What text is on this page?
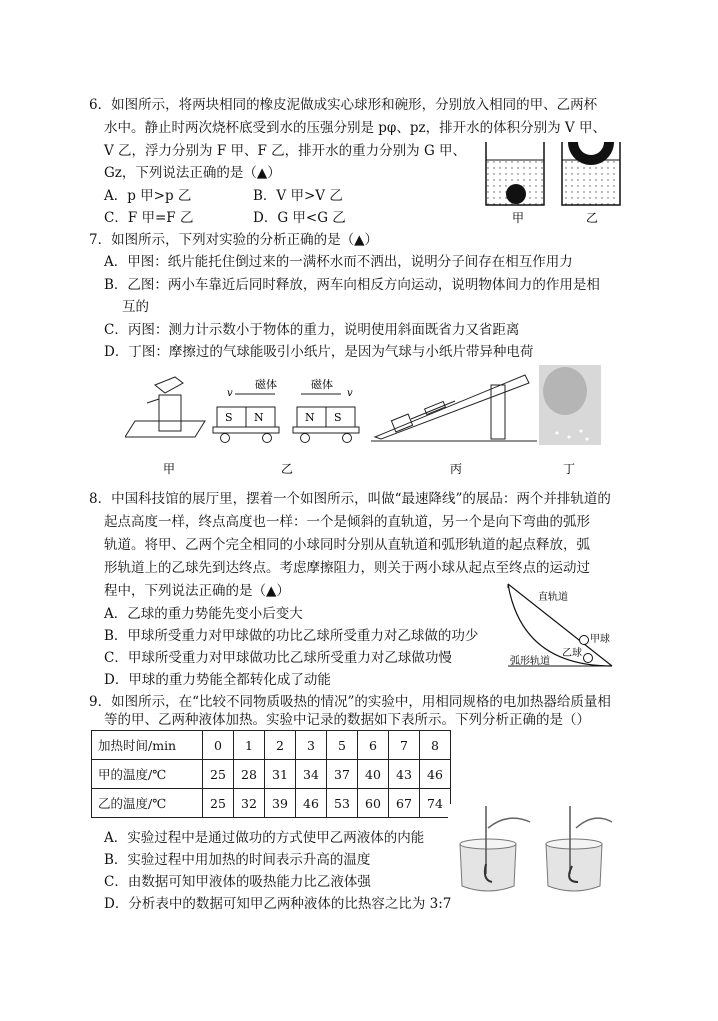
6．如图所示，将两块相同的橡皮泥做成实心球形和碗形，分别放入相同的甲、乙两杯
水中。静止时两次烧杯底受到水的压强分别是 pφ、pz，排开水的体积分别为 V 甲、
V 乙，浮力分别为 F 甲、F 乙，排开水的重力分别为 G 甲、
Gz，下列说法正确的是（▲）
A．p 甲>p 乙	B．V 甲>V 乙
C．F 甲=F 乙	D．G 甲<G 乙	甲	乙
7．如图所示，下列对实验的分析正确的是（▲）
A．甲图：纸片能托住倒过来的一满杯水而不洒出，说明分子间存在相互作用力
B．乙图：两小车靠近后同时释放，两车向相反方向运动，说明物体间力的作用是相
互的
C．丙图：测力计示数小于物体的重力，说明使用斜面既省力又省距离
D．丁图：摩擦过的气球能吸引小纸片，是因为气球与小纸片带异种电荷
磁体
v
S N
磁体
v
N S
甲	乙	丙	丁
8．中国科技馆的展厅里，摆着一个如图所示，叫做“最速降线”的展品：两个并排轨道的
起点高度一样，终点高度也一样：一个是倾斜的直轨道，另一个是向下弯曲的弧形
轨道。将甲、乙两个完全相同的小球同时分别从直轨道和弧形轨道的起点释放，弧
形轨道上的乙球先到达终点。考虑摩擦阻力，则关于两小球从起点至终点的运动过
程中，下列说法正确的是（▲）
A．乙球的重力势能先变小后变大
B．甲球所受重力对甲球做的功比乙球所受重力对乙球做的功少
C．甲球所受重力对甲球做功比乙球所受重力对乙球做功慢
D．甲球的重力势能全都转化成了动能
直轨道
甲球
乙球
弧形轨道
9．如图所示，在“比较不同物质吸热的情况”的实验中，用相同规格的电加热器给质量相
等的甲、乙两种液体加热。实验中记录的数据如下表所示。下列分析正确的是（）
加热时间/min	0	1	2	3	5	6	7	8
甲的温度/℃	25	28	31	34	37	40	43	46
乙的温度/℃	25	32	39	46	53	60	67	74
A．实验过程中是通过做功的方式使甲乙两液体的内能
B．实验过程中用加热的时间表示升高的温度
C．由数据可知甲液体的吸热能力比乙液体强
D．分析表中的数据可知甲乙两种液体的比热容之比为 3:7
